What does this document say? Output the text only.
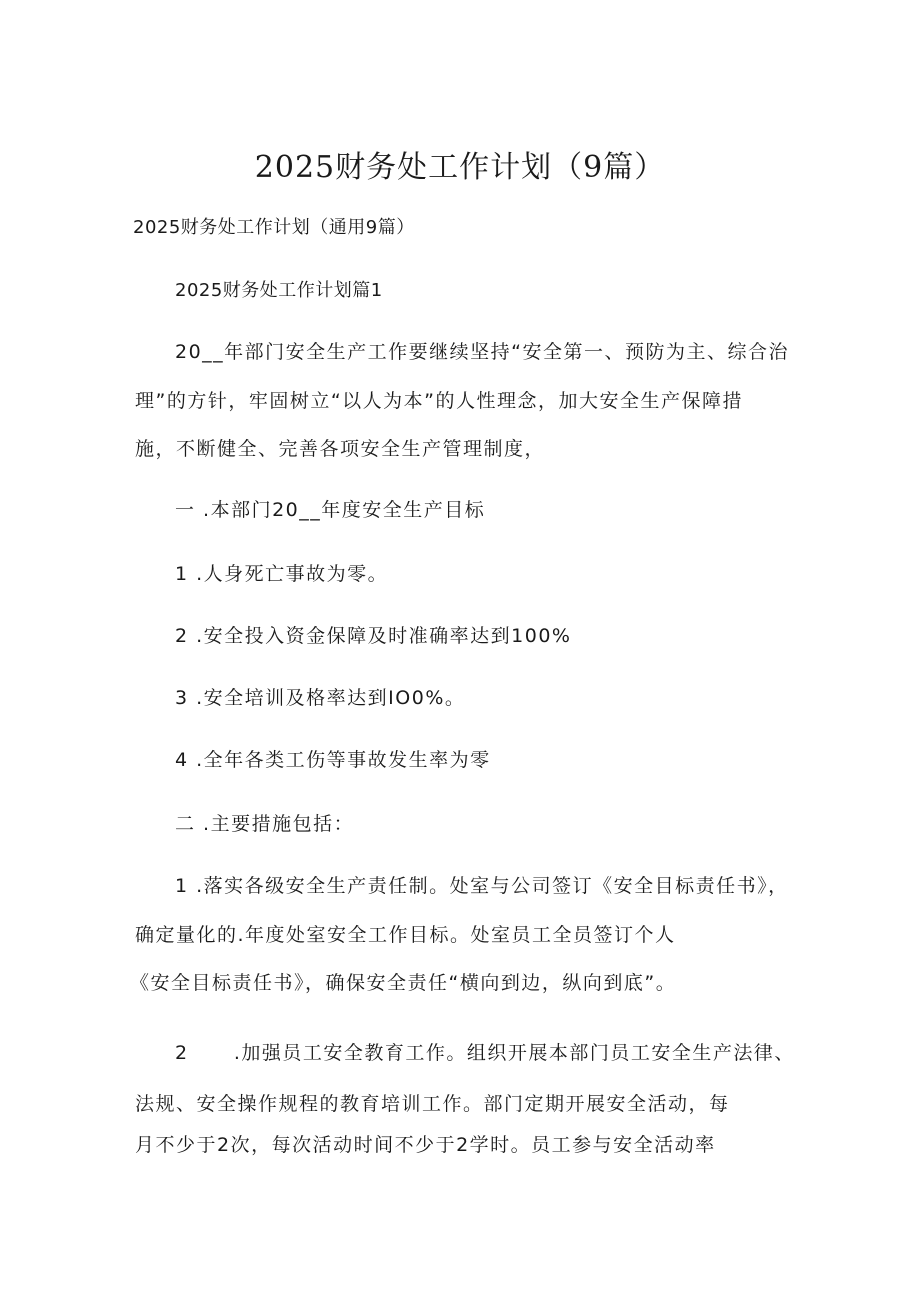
2025财务处工作计划（9篇）
2025财务处工作计划（通用9篇）
2025财务处工作计划篇1
20__年部门安全生产工作要继续坚持“安全第一、预防为主、综合治
理”的方针，牢固树立“以人为本”的人性理念，加大安全生产保障措
施，不断健全、完善各项安全生产管理制度，
一 .本部门20__年度安全生产目标
1 .人身死亡事故为零。
2 .安全投入资金保障及时准确率达到100%
3 .安全培训及格率达到IO0%。
4 .全年各类工伤等事故发生率为零
二 .主要措施包括：
1 .落实各级安全生产责任制。处室与公司签订《安全目标责任书》，
确定量化的.年度处室安全工作目标。处室员工全员签订个人
《安全目标责任书》，确保安全责任“横向到边，纵向到底”。
2      .加强员工安全教育工作。组织开展本部门员工安全生产法律、
法规、安全操作规程的教育培训工作。部门定期开展安全活动，每
月不少于2次，每次活动时间不少于2学时。员工参与安全活动率
